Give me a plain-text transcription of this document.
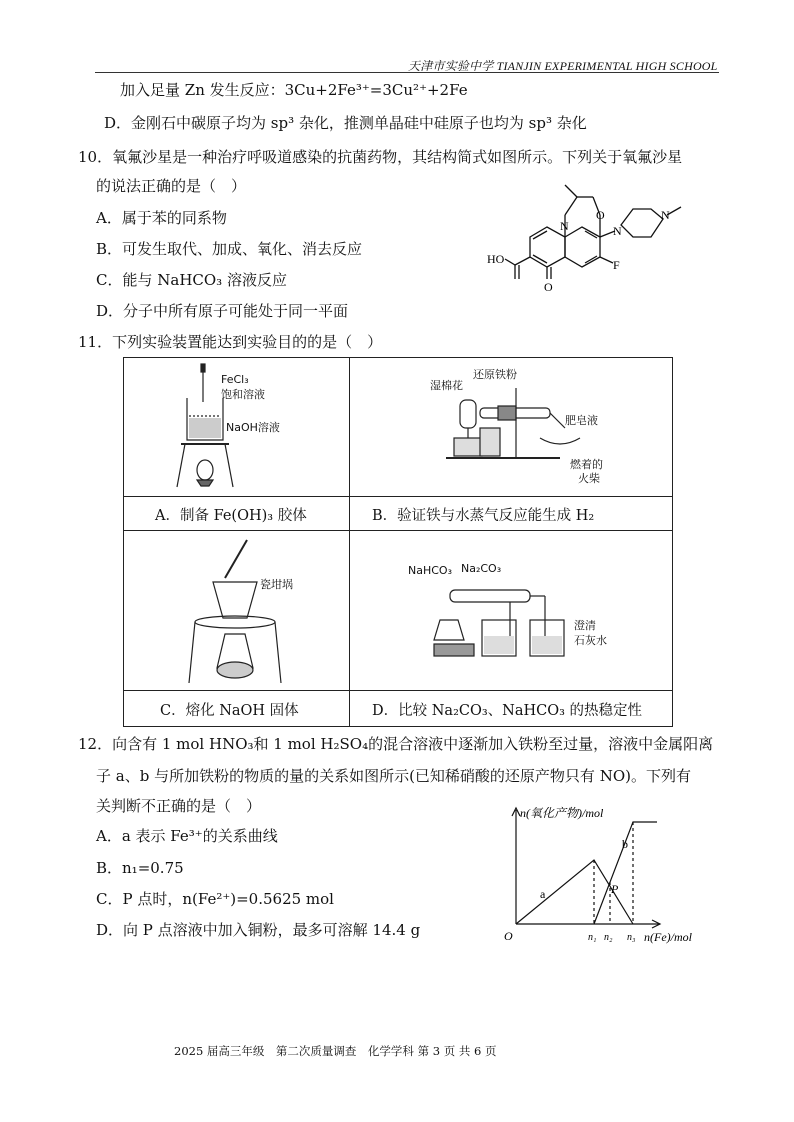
天津市实验中学 TIANJIN EXPERIMENTAL HIGH SCHOOL
加入足量 Zn 发生反应：3Cu+2Fe³⁺=3Cu²⁺+2Fe
D．金刚石中碳原子均为 sp³ 杂化，推测单晶硅中硅原子也均为 sp³ 杂化
10．氧氟沙星是一种治疗呼吸道感染的抗菌药物，其结构简式如图所示。下列关于氧氟沙星
的说法正确的是（　）
A．属于苯的同系物
B．可发生取代、加成、氧化、消去反应
C．能与 NaHCO₃ 溶液反应
D．分子中所有原子可能处于同一平面
HO
O
O
N	N
N
F
11．下列实验装置能达到实验目的的是（　）
FeCl₃
饱和溶液
NaOH溶液
湿棉花
还原铁粉
肥皂液
燃着的
火柴
A．制备 Fe(OH)₃ 胶体	B．验证铁与水蒸气反应能生成 H₂
瓷坩埚
NaHCO₃ Na₂CO₃
澄清
石灰水
C．熔化 NaOH 固体	D．比较 Na₂CO₃、NaHCO₃ 的热稳定性
12．向含有 1 mol HNO₃和 1 mol H₂SO₄的混合溶液中逐渐加入铁粉至过量，溶液中金属阳离
子 a、b 与所加铁粉的物质的量的关系如图所示(已知稀硝酸的还原产物只有 NO)。下列有
关判断不正确的是（　）
A．a 表示 Fe³⁺的关系曲线
B．n₁=0.75
C．P 点时，n(Fe²⁺)=0.5625 mol
D．向 P 点溶液中加入铜粉，最多可溶解 14.4 g
n(氧化产物)/mol
n(Fe)/mol
O	n₁ n₂ n₃
a
b
P
2025 届高三年级　第二次质量调查　化学学科 第 3 页 共 6 页
